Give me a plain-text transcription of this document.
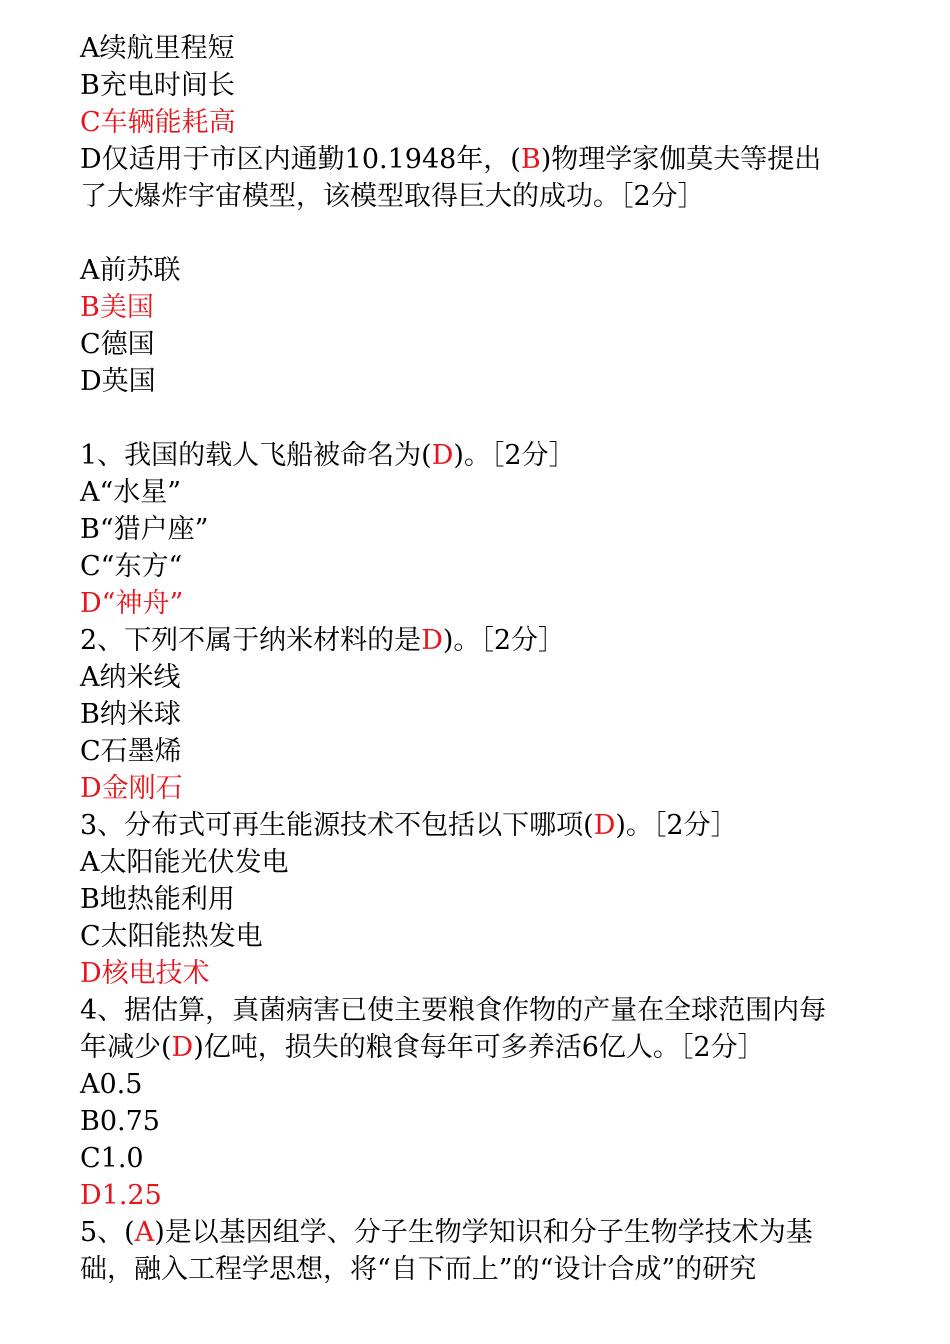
A续航里程短
B充电时间长
C车辆能耗高
D仅适用于市区内通勤10.1948年，(B)物理学家伽莫夫等提出
了大爆炸宇宙模型，该模型取得巨大的成功。［2分］
A前苏联
B美国
C德国
D英国
1、我国的载人飞船被命名为(D)。［2分］
A“水星”
B“猎户座”
C“东方“
D“神舟”
2、下列不属于纳米材料的是D)。［2分］
A纳米线
B纳米球
C石墨烯
D金刚石
3、分布式可再生能源技术不包括以下哪项(D)。［2分］
A太阳能光伏发电
B地热能利用
C太阳能热发电
D核电技术
4、据估算，真菌病害已使主要粮食作物的产量在全球范围内每
年减少(D)亿吨，损失的粮食每年可多养活6亿人。［2分］
A0.5
B0.75
C1.0
D1.25
5、(A)是以基因组学、分子生物学知识和分子生物学技术为基
础，融入工程学思想，将“自下而上”的“设计合成”的研究
